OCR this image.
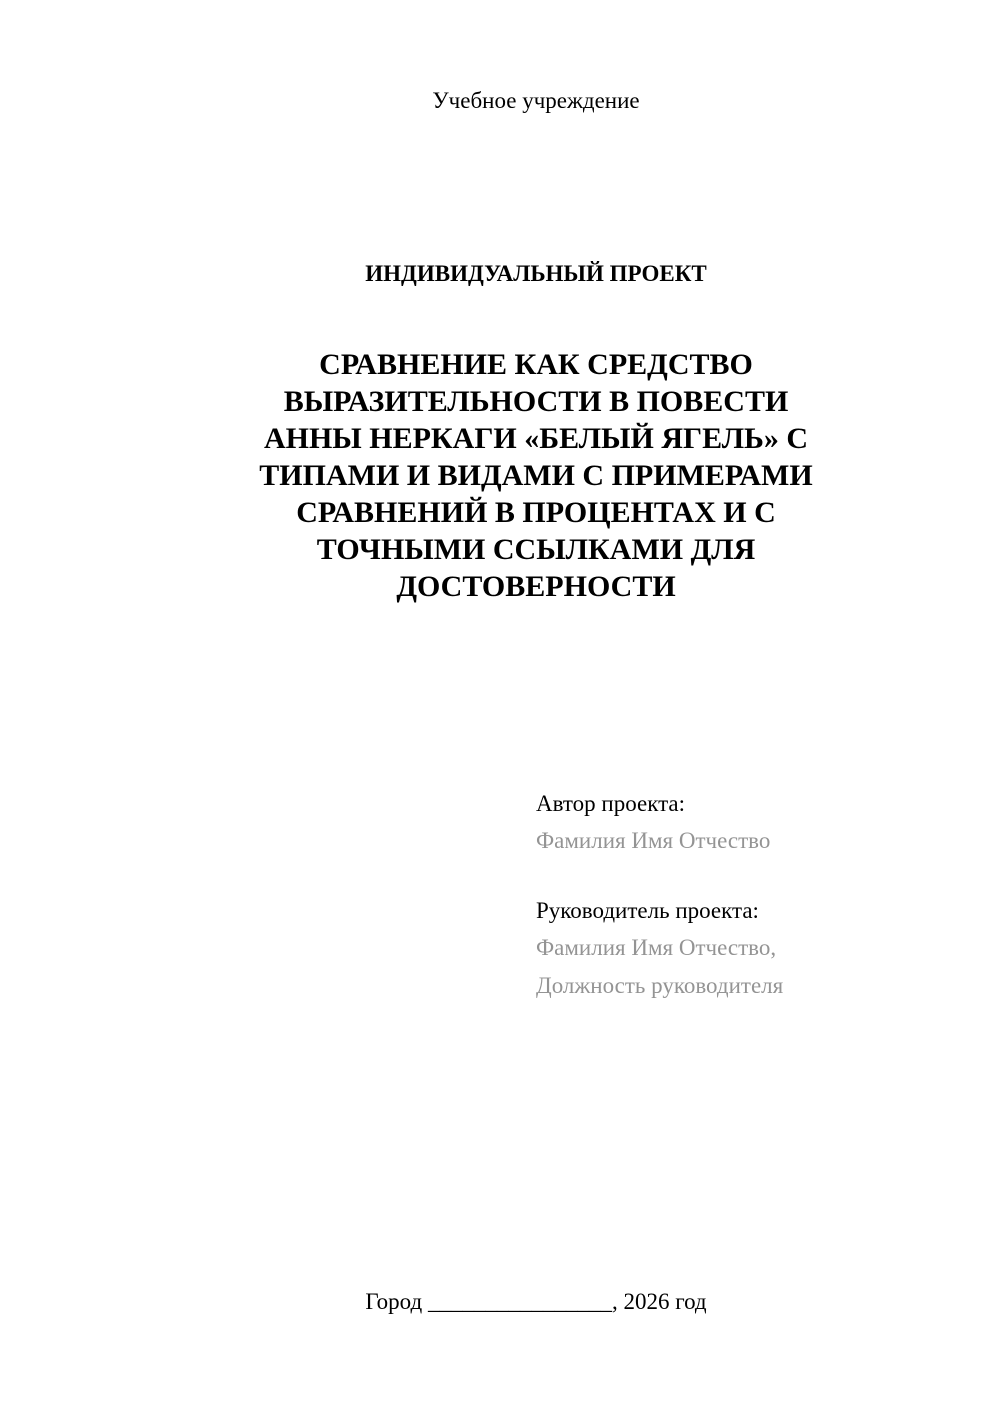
Учебное учреждение
ИНДИВИДУАЛЬНЫЙ ПРОЕКТ
СРАВНЕНИЕ КАК СРЕДСТВО
ВЫРАЗИТЕЛЬНОСТИ В ПОВЕСТИ
АННЫ НЕРКАГИ «БЕЛЫЙ ЯГЕЛЬ» С
ТИПАМИ И ВИДАМИ С ПРИМЕРАМИ
СРАВНЕНИЙ В ПРОЦЕНТАХ И С
ТОЧНЫМИ ССЫЛКАМИ ДЛЯ
ДОСТОВЕРНОСТИ
Автор проекта:
Фамилия Имя Отчество
Руководитель проекта:
Фамилия Имя Отчество,
Должность руководителя
Город ________________, 2026 год
